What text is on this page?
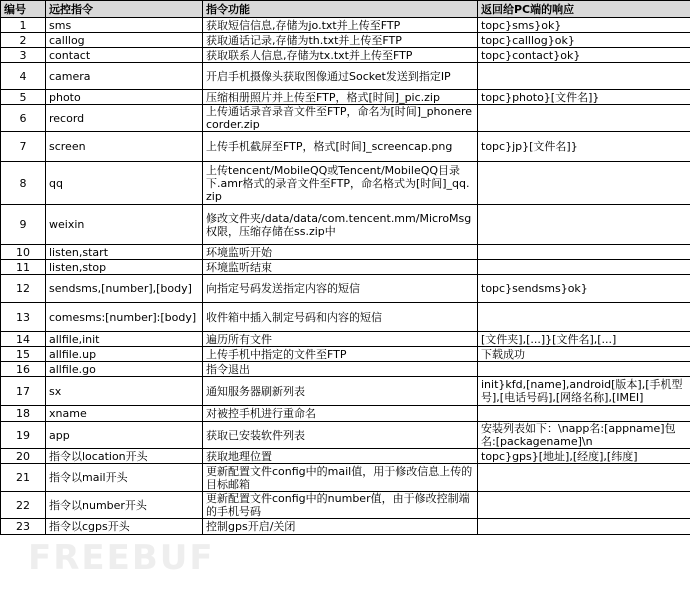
编号	远控指令	指令功能	返回给PC端的响应
1	sms	获取短信信息,存储为jo.txt并上传至FTP	topc}sms}ok}
2	calllog	获取通话记录,存储为th.txt并上传至FTP	topc}calllog}ok}
3	contact	获取联系人信息,存储为tx.txt并上传至FTP	topc}contact}ok}
4	camera	开启手机摄像头获取图像通过Socket发送到指定IP	
5	photo	压缩相册照片并上传至FTP，格式[时间]_pic.zip	topc}photo}[文件名]}
6	record	上传通话录音录音文件至FTP，命名为[时间]_phonerecorder.zip	
7	screen	上传手机截屏至FTP，格式[时间]_screencap.png	topc}jp}[文件名]}
8	qq	上传tencent/MobileQQ或Tencent/MobileQQ目录下.amr格式的录音文件至FTP，命名格式为[时间]_qq.zip	
9	weixin	修改文件夹/data/data/com.tencent.mm/MicroMsg权限，压缩存储在ss.zip中	
10	listen,start	环境监听开始	
11	listen,stop	环境监听结束	
12	sendsms,[number],[body]	向指定号码发送指定内容的短信	topc}sendsms}ok}
13	comesms:[number]:[body]	收件箱中插入制定号码和内容的短信	
14	allfile,init	遍历所有文件	[文件夹],[...]}[文件名],[...]
15	allfile.up	上传手机中指定的文件至FTP	下载成功
16	allfile.go	指令退出	
17	sx	通知服务器刷新列表	init}kfd,[name],android[版本],[手机型号],[电话号码],[网络名称],[IMEI]
18	xname	对被控手机进行重命名	
19	app	获取已安装软件列表	安装列表如下：\napp名:[appname]包名:[packagename]\n
20	指令以location开头	获取地理位置	topc}gps}[地址],[经度],[纬度]
21	指令以mail开头	更新配置文件config中的mail值，用于修改信息上传的目标邮箱	
22	指令以number开头	更新配置文件config中的number值，由于修改控制端的手机号码	
23	指令以cgps开头	控制gps开启/关闭	
FREEBUF
